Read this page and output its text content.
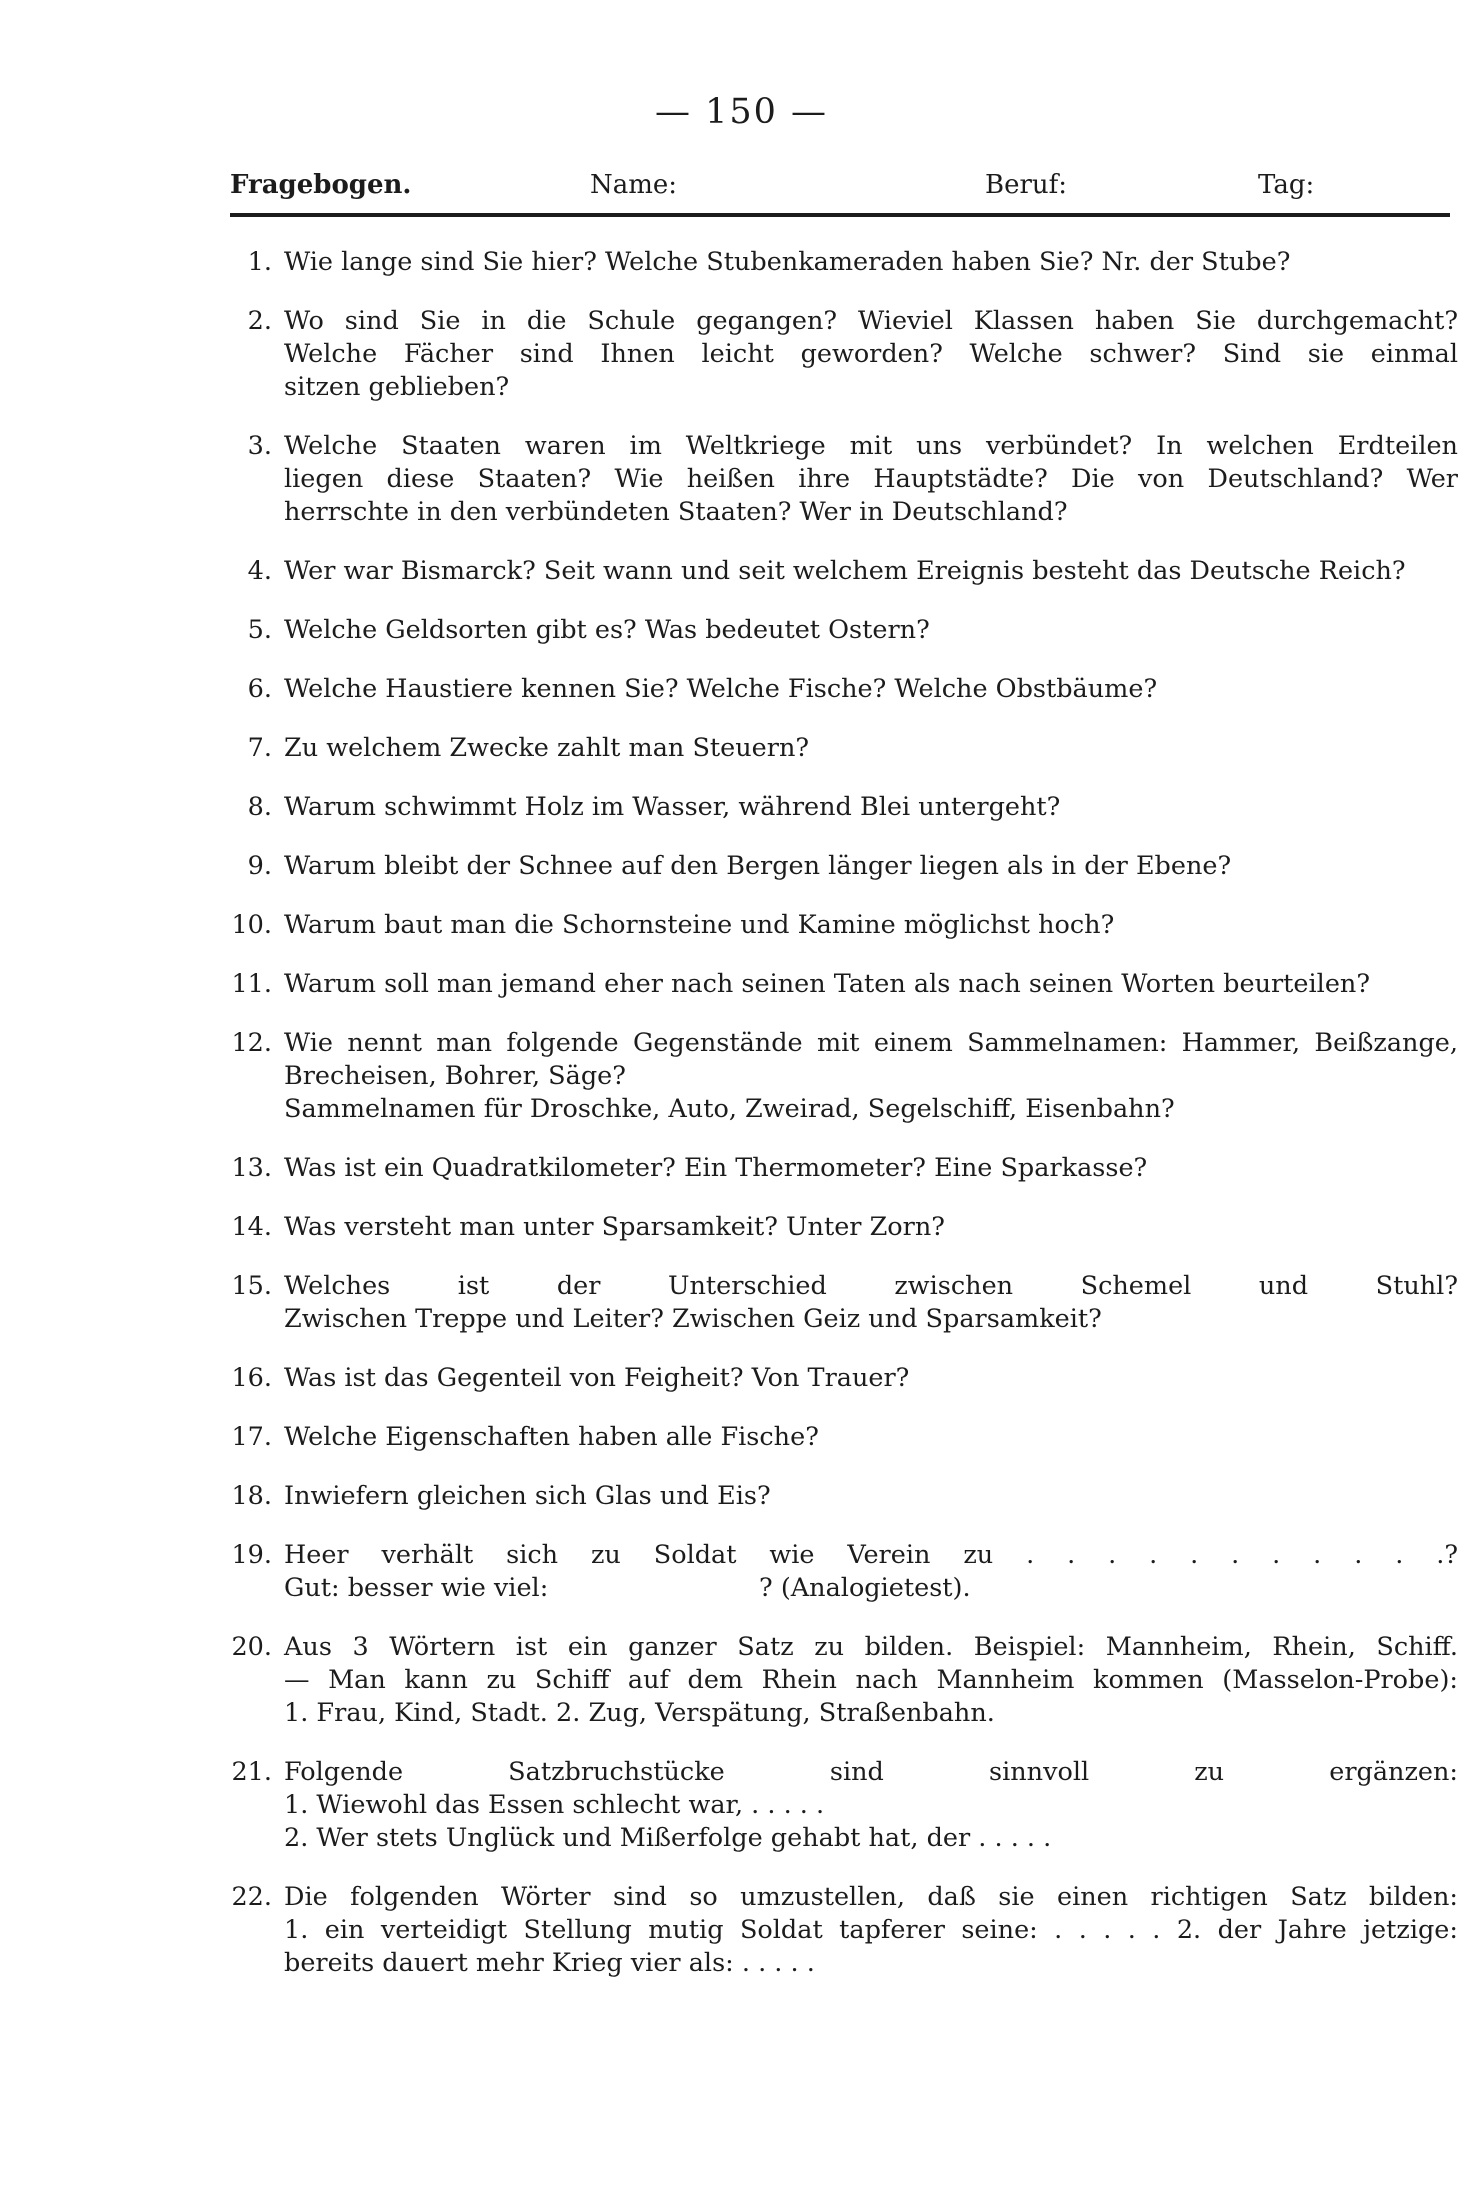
— 150 —
Fragebogen.	Name:	Beruf:	Tag:
1. Wie lange sind Sie hier? Welche Stubenkameraden haben Sie? Nr. der Stube?
2. Wo sind Sie in die Schule gegangen? Wieviel Klassen haben Sie durchgemacht?
Welche Fächer sind Ihnen leicht geworden? Welche schwer? Sind sie einmal
sitzen geblieben?
3. Welche Staaten waren im Weltkriege mit uns verbündet? In welchen Erdteilen
liegen diese Staaten? Wie heißen ihre Hauptstädte? Die von Deutschland? Wer
herrschte in den verbündeten Staaten? Wer in Deutschland?
4. Wer war Bismarck? Seit wann und seit welchem Ereignis besteht das Deutsche Reich?
5. Welche Geldsorten gibt es? Was bedeutet Ostern?
6. Welche Haustiere kennen Sie? Welche Fische? Welche Obstbäume?
7. Zu welchem Zwecke zahlt man Steuern?
8. Warum schwimmt Holz im Wasser, während Blei untergeht?
9. Warum bleibt der Schnee auf den Bergen länger liegen als in der Ebene?
10. Warum baut man die Schornsteine und Kamine möglichst hoch?
11. Warum soll man jemand eher nach seinen Taten als nach seinen Worten beurteilen?
12. Wie nennt man folgende Gegenstände mit einem Sammelnamen: Hammer, Beißzange,
Brecheisen, Bohrer, Säge?
Sammelnamen für Droschke, Auto, Zweirad, Segelschiff, Eisenbahn?
13. Was ist ein Quadratkilometer? Ein Thermometer? Eine Sparkasse?
14. Was versteht man unter Sparsamkeit? Unter Zorn?
15. Welches ist der Unterschied zwischen Schemel und Stuhl?
Zwischen Treppe und Leiter? Zwischen Geiz und Sparsamkeit?
16. Was ist das Gegenteil von Feigheit? Von Trauer?
17. Welche Eigenschaften haben alle Fische?
18. Inwiefern gleichen sich Glas und Eis?
19. Heer verhält sich zu Soldat wie Verein zu . . . . . . . . . . .?
Gut: besser wie viel:                          ? (Analogietest).
20. Aus 3 Wörtern ist ein ganzer Satz zu bilden. Beispiel: Mannheim, Rhein, Schiff.
— Man kann zu Schiff auf dem Rhein nach Mannheim kommen (Masselon-Probe):
1. Frau, Kind, Stadt. 2. Zug, Verspätung, Straßenbahn.
21. Folgende Satzbruchstücke sind sinnvoll zu ergänzen:
1. Wiewohl das Essen schlecht war, . . . . .
2. Wer stets Unglück und Mißerfolge gehabt hat, der . . . . .
22. Die folgenden Wörter sind so umzustellen, daß sie einen richtigen Satz bilden:
1. ein verteidigt Stellung mutig Soldat tapferer seine: . . . . . 2. der Jahre jetzige:
bereits dauert mehr Krieg vier als: . . . . .
